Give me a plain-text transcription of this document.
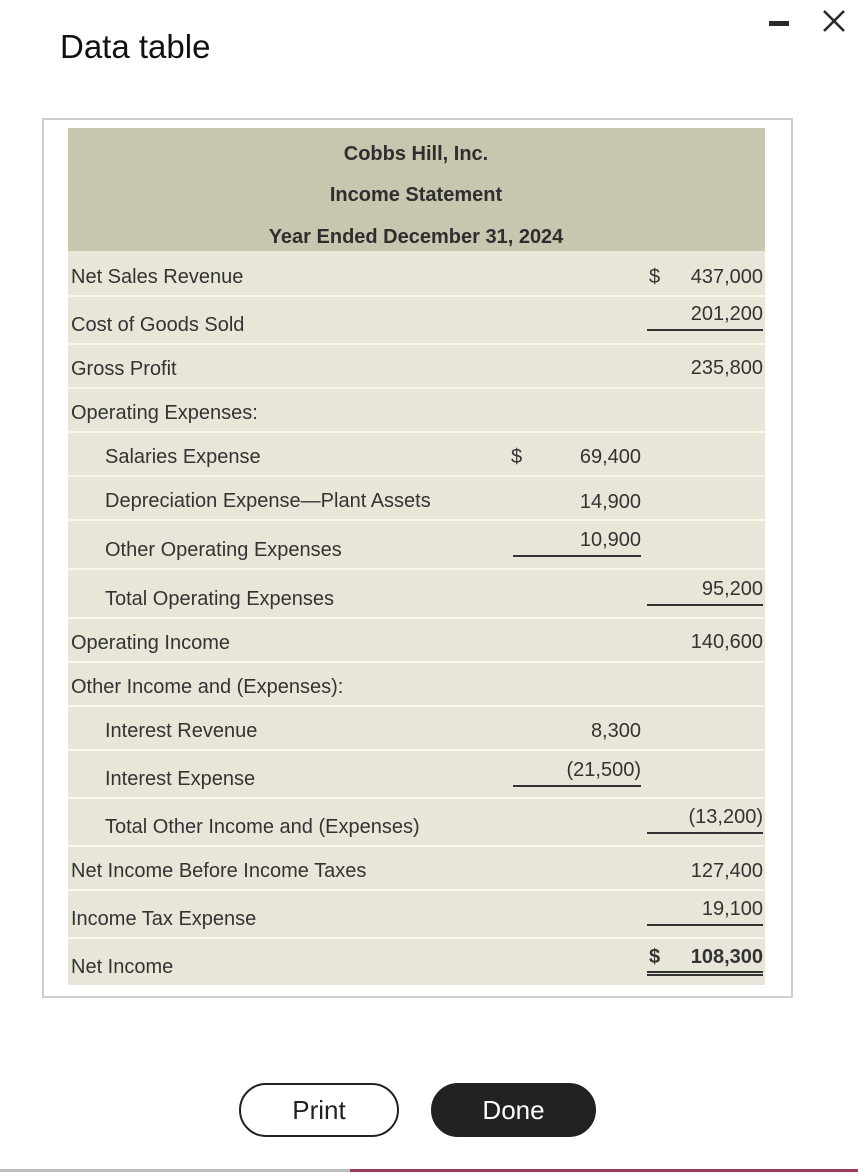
Data table
Cobbs Hill, Inc.
Income Statement
Year Ended December 31, 2024
Net Sales Revenue	$	437,000
Cost of Goods Sold	201,200
Gross Profit	235,800
Operating Expenses:
Salaries Expense	$	69,400
Depreciation Expense—Plant Assets	14,900
Other Operating Expenses	10,900
Total Operating Expenses	95,200
Operating Income	140,600
Other Income and (Expenses):
Interest Revenue	8,300
Interest Expense	(21,500)
Total Other Income and (Expenses)	(13,200)
Net Income Before Income Taxes	127,400
Income Tax Expense	19,100
Net Income	$	108,300
Print	Done
